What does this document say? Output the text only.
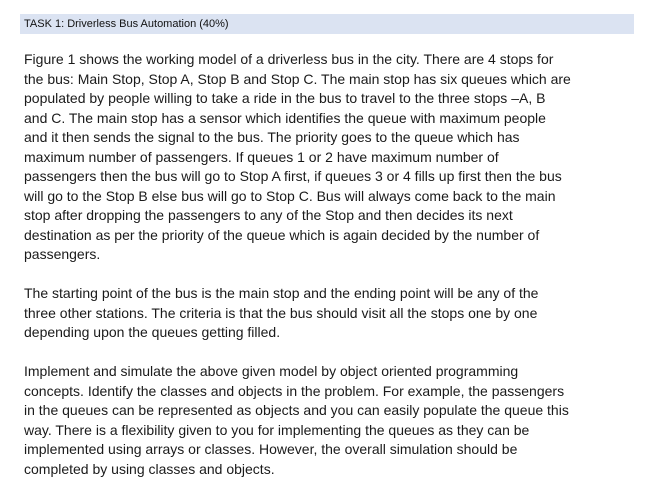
TASK 1: Driverless Bus Automation (40%)
Figure 1 shows the working model of a driverless bus in the city. There are 4 stops for
the bus: Main Stop, Stop A, Stop B and Stop C. The main stop has six queues which are
populated by people willing to take a ride in the bus to travel to the three stops –A, B
and C. The main stop has a sensor which identifies the queue with maximum people
and it then sends the signal to the bus. The priority goes to the queue which has
maximum number of passengers. If queues 1 or 2 have maximum number of
passengers then the bus will go to Stop A first, if queues 3 or 4 fills up first then the bus
will go to the Stop B else bus will go to Stop C. Bus will always come back to the main
stop after dropping the passengers to any of the Stop and then decides its next
destination as per the priority of the queue which is again decided by the number of
passengers.
The starting point of the bus is the main stop and the ending point will be any of the
three other stations. The criteria is that the bus should visit all the stops one by one
depending upon the queues getting filled.
Implement and simulate the above given model by object oriented programming
concepts. Identify the classes and objects in the problem. For example, the passengers
in the queues can be represented as objects and you can easily populate the queue this
way. There is a flexibility given to you for implementing the queues as they can be
implemented using arrays or classes. However, the overall simulation should be
completed by using classes and objects.
